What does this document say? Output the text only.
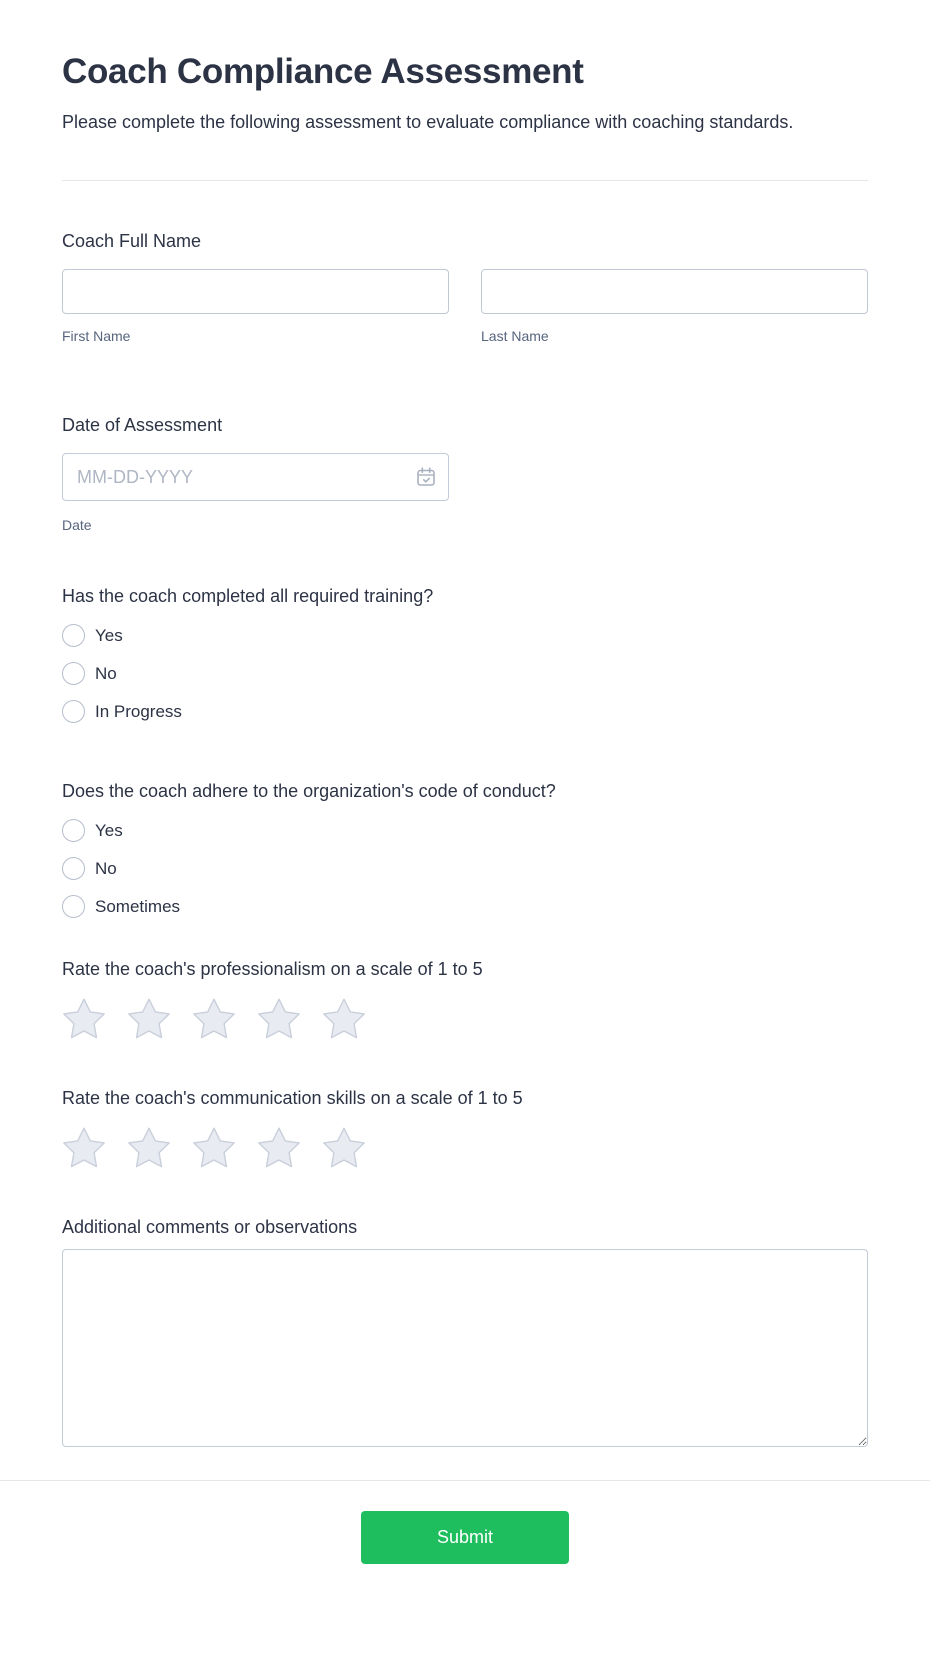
Coach Compliance Assessment

Please complete the following assessment to evaluate compliance with coaching standards.

Coach Full Name
First Name	Last Name
Date of Assessment
MM-DD-YYYY
Date
Has the coach completed all required training?
Yes
No
In Progress
Does the coach adhere to the organization's code of conduct?
Yes
No
Sometimes
Rate the coach's professionalism on a scale of 1 to 5
Rate the coach's communication skills on a scale of 1 to 5
Additional comments or observations
Submit
